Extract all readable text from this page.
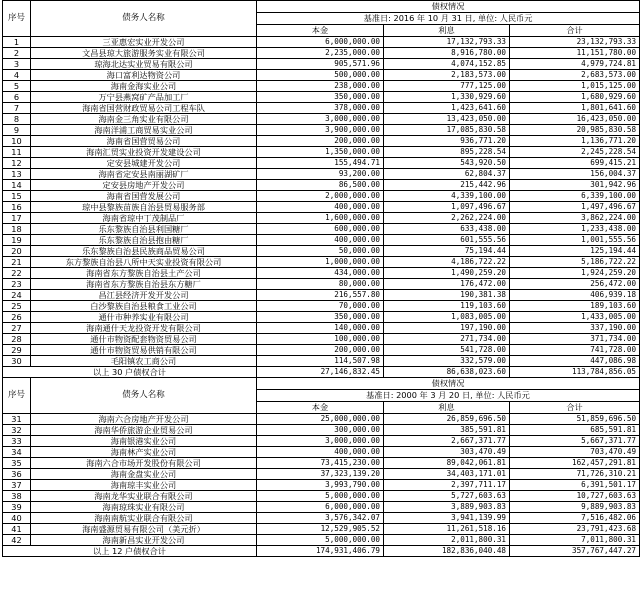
序号	债务人名称	债权情况		
		基准日: 2016 年 10 月 31 日, 单位: 人民币元		
		本金	利息	合计
1	三亚惠宏实业开发公司	6,000,000.00	17,132,793.33	23,132,793.33
2	文昌县琼大旅游服务实业有限公司	2,235,000.00	8,916,780.00	11,151,780.00
3	琼海北达实业贸易有限公司	905,571.96	4,074,152.85	4,979,724.81
4	海口富利达物资公司	500,000.00	2,183,573.00	2,683,573.00
5	海南金海实业公司	238,000.00	777,125.00	1,015,125.00
6	万宁县燕窝矿产品加工厂	350,000.00	1,330,929.60	1,680,929.60
7	海南省国营财政贸易公司工程车队	378,000.00	1,423,641.60	1,801,641.60
8	海南金三角实业有限公司	3,000,000.00	13,423,050.00	16,423,050.00
9	海南洋浦工商贸易实业公司	3,900,000.00	17,085,830.58	20,985,830.58
10	海南省国营贸易公司	200,000.00	936,771.20	1,136,771.20
11	海南汇贸实业投资开发建设公司	1,350,000.00	895,228.54	2,245,228.54
12	定安县城建开发公司	155,494.71	543,920.50	699,415.21
13	海南省定安县南丽湖矿厂	93,200.00	62,804.37	156,004.37
14	定安县房地产开发公司	86,500.00	215,442.96	301,942.96
15	海南省国营发展公司	2,000,000.00	4,339,100.00	6,339,100.00
16	琼中县黎族苗族自治县贸易服务部	400,000.00	1,097,496.67	1,497,496.67
17	海南省琼中丁茂制品厂	1,600,000.00	2,262,224.00	3,862,224.00
18	乐东黎族自治县利国糖厂	600,000.00	633,438.00	1,233,438.00
19	乐东黎族自治县抱由糖厂	400,000.00	601,555.56	1,001,555.56
20	乐东黎族自治县民族商品贸易公司	50,000.00	75,194.44	125,194.44
21	东方黎族自治县八所中天实业投资有限公司	1,000,000.00	4,186,722.22	5,186,722.22
22	海南省东方黎族自治县土产公司	434,000.00	1,490,259.20	1,924,259.20
23	海南省东方黎族自治县东方糖厂	80,000.00	176,472.00	256,472.00
24	昌江县经济开发开发公司	216,557.80	190,381.38	406,939.18
25	白沙黎族自治县粮食工业公司	70,000.00	119,103.60	189,103.60
26	通什市种养实业有限公司	350,000.00	1,083,005.00	1,433,005.00
27	海南通什天龙投资开发有限公司	140,000.00	197,190.00	337,190.00
28	通什市物资配套物资贸易公司	100,000.00	271,734.00	371,734.00
29	通什市物资贸易供销有限公司	200,000.00	541,728.00	741,728.00
30	毛阳镇农工商公司	114,507.98	332,579.00	447,086.98
以上 30 户债权合计		27,146,832.45	86,638,023.60	113,784,856.05
序号	债务人名称	债权情况		
		基准日: 2000 年 3 月 20 日, 单位: 人民币元		
		本金	利息	合计
31	海南六合房地产开发公司	25,000,000.00	26,859,696.50	51,859,696.50
32	海南华侨旅游企业贸易公司	300,000.00	385,591.81	685,591.81
33	海南银港实业公司	3,000,000.00	2,667,371.77	5,667,371.77
34	海南林产实业公司	400,000.00	303,470.49	703,470.49
35	海南六合市场开发股份有限公司	73,415,230.00	89,042,061.81	162,457,291.81
36	海南金盘实业公司	37,323,139.20	34,403,171.01	71,726,310.21
37	海南琼丰实业公司	3,993,790.00	2,397,711.17	6,391,501.17
38	海南龙华实业联合有限公司	5,000,000.00	5,727,603.63	10,727,603.63
39	海南琼珠实业有限公司	6,000,000.00	3,889,903.83	9,889,903.83
40	海南南航实业联合有限公司	3,576,342.07	3,941,139.99	7,516,482.06
41	海南盛源贸易有限公司（美元折）	12,529,905.52	11,261,518.16	23,791,423.68
42	海南新昌实业开发公司	5,000,000.00	2,011,800.31	7,011,800.31
以上 12 户债权合计		174,931,406.79	182,836,040.48	357,767,447.27
